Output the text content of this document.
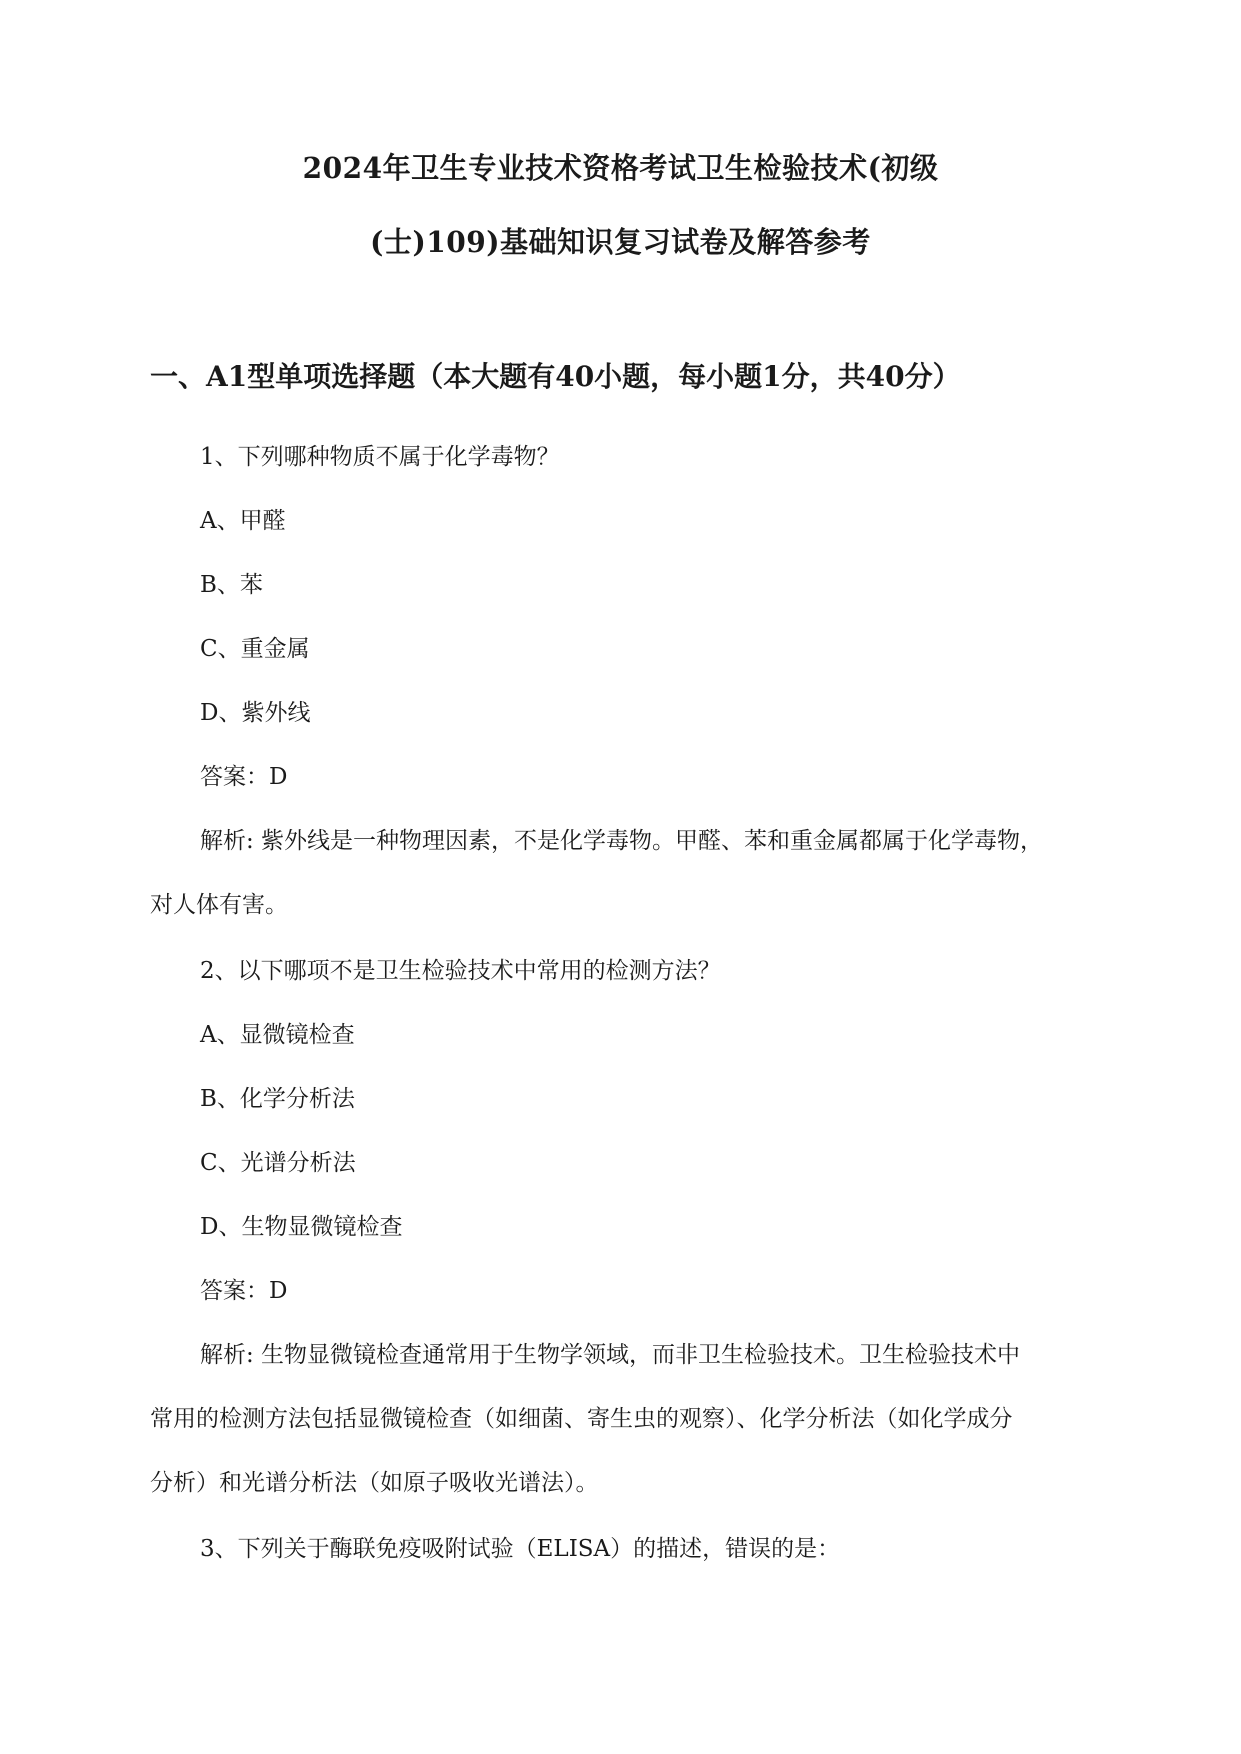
2024年卫生专业技术资格考试卫生检验技术(初级
(士)109)基础知识复习试卷及解答参考
一、A1型单项选择题（本大题有40小题，每小题1分，共40分）
1、下列哪种物质不属于化学毒物？
A、甲醛
B、苯
C、重金属
D、紫外线
答案：D
解析: 紫外线是一种物理因素，不是化学毒物。甲醛、苯和重金属都属于化学毒物，
对人体有害。
2、以下哪项不是卫生检验技术中常用的检测方法？
A、显微镜检查
B、化学分析法
C、光谱分析法
D、生物显微镜检查
答案：D
解析: 生物显微镜检查通常用于生物学领域，而非卫生检验技术。卫生检验技术中
常用的检测方法包括显微镜检查（如细菌、寄生虫的观察）、化学分析法（如化学成分
分析）和光谱分析法（如原子吸收光谱法）。
3、下列关于酶联免疫吸附试验（ELISA）的描述，错误的是：
